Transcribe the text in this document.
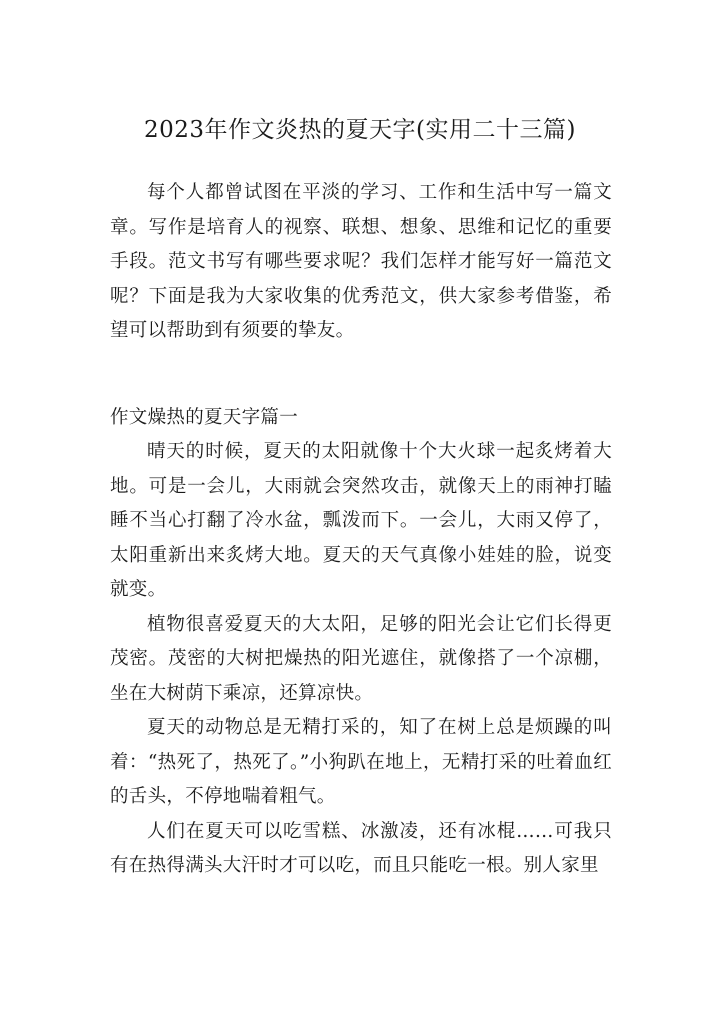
2023年作文炎热的夏天字(实用二十三篇)

每个人都曾试图在平淡的学习、工作和生活中写一篇文章。写作是培育人的视察、联想、想象、思维和记忆的重要手段。范文书写有哪些要求呢？我们怎样才能写好一篇范文呢？下面是我为大家收集的优秀范文，供大家参考借鉴，希望可以帮助到有须要的挚友。

作文燥热的夏天字篇一

晴天的时候，夏天的太阳就像十个大火球一起炙烤着大地。可是一会儿，大雨就会突然攻击，就像天上的雨神打瞌睡不当心打翻了冷水盆，瓢泼而下。一会儿，大雨又停了，太阳重新出来炙烤大地。夏天的天气真像小娃娃的脸，说变就变。

植物很喜爱夏天的大太阳，足够的阳光会让它们长得更茂密。茂密的大树把燥热的阳光遮住，就像搭了一个凉棚，坐在大树荫下乘凉，还算凉快。

夏天的动物总是无精打采的，知了在树上总是烦躁的叫着：“热死了，热死了。”小狗趴在地上，无精打采的吐着血红的舌头，不停地喘着粗气。

人们在夏天可以吃雪糕、冰激凌，还有冰棍……可我只有在热得满头大汗时才可以吃，而且只能吃一根。别人家里
